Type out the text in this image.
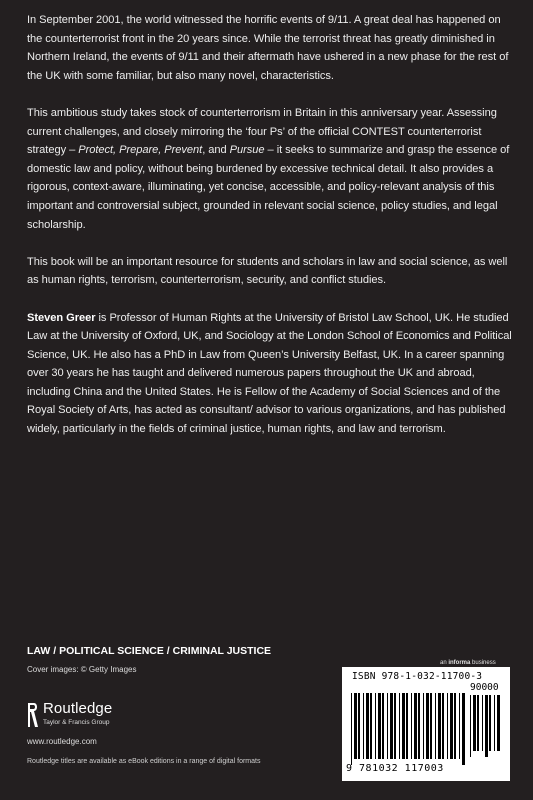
In September 2001, the world witnessed the horrific events of 9/11. A great deal has happened on the counterterrorist front in the 20 years since. While the terrorist threat has greatly diminished in Northern Ireland, the events of 9/11 and their aftermath have ushered in a new phase for the rest of the UK with some familiar, but also many novel, characteristics.

This ambitious study takes stock of counterterrorism in Britain in this anniversary year. Assessing current challenges, and closely mirroring the ‘four Ps’ of the official CONTEST counterterrorist strategy – Protect, Prepare, Prevent, and Pursue – it seeks to summarize and grasp the essence of domestic law and policy, without being burdened by excessive technical detail. It also provides a rigorous, context-aware, illuminating, yet concise, accessible, and policy-relevant analysis of this important and controversial subject, grounded in relevant social science, policy studies, and legal scholarship.

This book will be an important resource for students and scholars in law and social science, as well as human rights, terrorism, counterterrorism, security, and conflict studies.

Steven Greer is Professor of Human Rights at the University of Bristol Law School, UK. He studied Law at the University of Oxford, UK, and Sociology at the London School of Economics and Political Science, UK. He also has a PhD in Law from Queen’s University Belfast, UK. In a career spanning over 30 years he has taught and delivered numerous papers throughout the UK and abroad, including China and the United States. He is Fellow of the Academy of Social Sciences and of the Royal Society of Arts, has acted as consultant/ advisor to various organizations, and has published widely, particularly in the fields of criminal justice, human rights, and law and terrorism.

LAW / POLITICAL SCIENCE / CRIMINAL JUSTICE
Cover images: © Getty Images
Routledge
Taylor & Francis Group
www.routledge.com
Routledge titles are available as eBook editions in a range of digital formats
an informa business
ISBN 978-1-032-11700-3
90000
9 781032 117003
